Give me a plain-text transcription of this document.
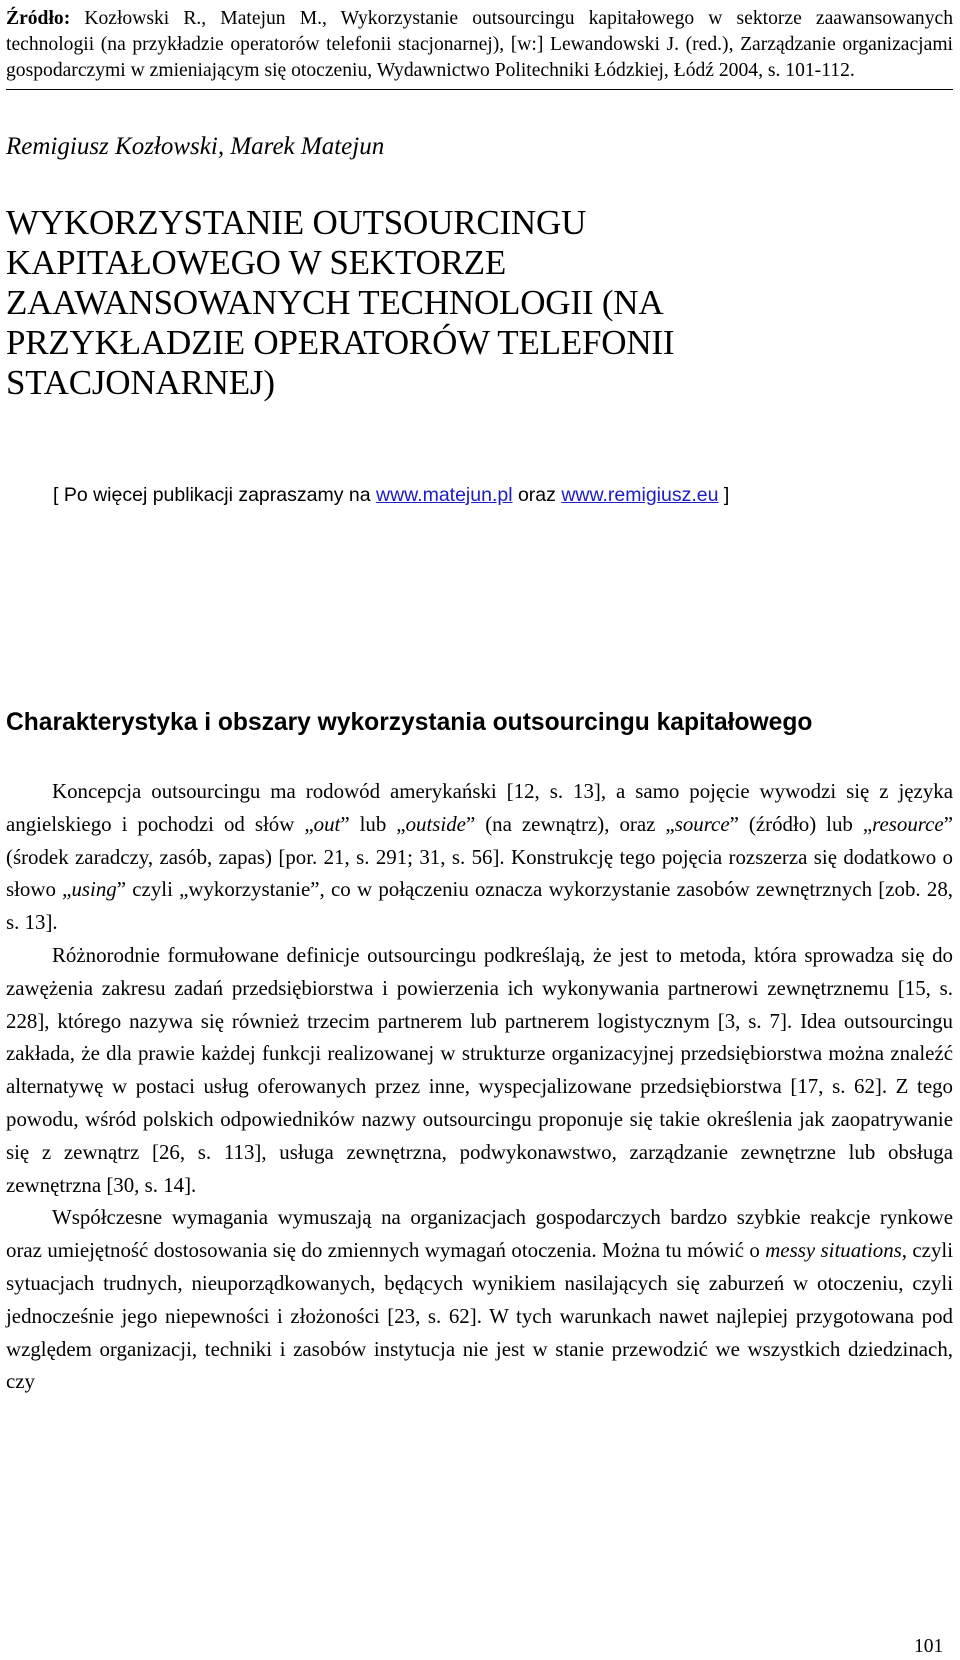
Źródło: Kozłowski R., Matejun M., Wykorzystanie outsourcingu kapitałowego w sektorze zaawansowanych technologii (na przykładzie operatorów telefonii stacjonarnej), [w:] Lewandowski J. (red.), Zarządzanie organizacjami gospodarczymi w zmieniającym się otoczeniu, Wydawnictwo Politechniki Łódzkiej, Łódź 2004, s. 101-112.
Remigiusz Kozłowski, Marek Matejun
WYKORZYSTANIE OUTSOURCINGU
KAPITAŁOWEGO W SEKTORZE
ZAAWANSOWANYCH TECHNOLOGII (NA
PRZYKŁADZIE OPERATORÓW TELEFONII
STACJONARNEJ)
[ Po więcej publikacji zapraszamy na www.matejun.pl oraz www.remigiusz.eu ]
Charakterystyka i obszary wykorzystania outsourcingu kapitałowego

Koncepcja outsourcingu ma rodowód amerykański [12, s. 13], a samo pojęcie wywodzi się z języka angielskiego i pochodzi od słów „out” lub „outside” (na zewnątrz), oraz „source” (źródło) lub „resource” (środek zaradczy, zasób, zapas) [por. 21, s. 291; 31, s. 56]. Konstrukcję tego pojęcia rozszerza się dodatkowo o słowo „using” czyli „wykorzystanie”, co w połączeniu oznacza wykorzystanie zasobów zewnętrznych [zob. 28, s. 13].

Różnorodnie formułowane definicje outsourcingu podkreślają, że jest to metoda, która sprowadza się do zawężenia zakresu zadań przedsiębiorstwa i powierzenia ich wykonywania partnerowi zewnętrznemu [15, s. 228], którego nazywa się również trzecim partnerem lub partnerem logistycznym [3, s. 7]. Idea outsourcingu zakłada, że dla prawie każdej funkcji realizowanej w strukturze organizacyjnej przedsiębiorstwa można znaleźć alternatywę w postaci usług oferowanych przez inne, wyspecjalizowane przedsiębiorstwa [17, s. 62]. Z tego powodu, wśród polskich odpowiedników nazwy outsourcingu proponuje się takie określenia jak zaopatrywanie się z zewnątrz [26, s. 113], usługa zewnętrzna, podwykonawstwo, zarządzanie zewnętrzne lub obsługa zewnętrzna [30, s. 14].

Współczesne wymagania wymuszają na organizacjach gospodarczych bardzo szybkie reakcje rynkowe oraz umiejętność dostosowania się do zmiennych wymagań otoczenia. Można tu mówić o messy situations, czyli sytuacjach trudnych, nieuporządkowanych, będących wynikiem nasilających się zaburzeń w otoczeniu, czyli jednocześnie jego niepewności i złożoności [23, s. 62]. W tych warunkach nawet najlepiej przygotowana pod względem organizacji, techniki i zasobów instytucja nie jest w stanie przewodzić we wszystkich dziedzinach, czy

101
